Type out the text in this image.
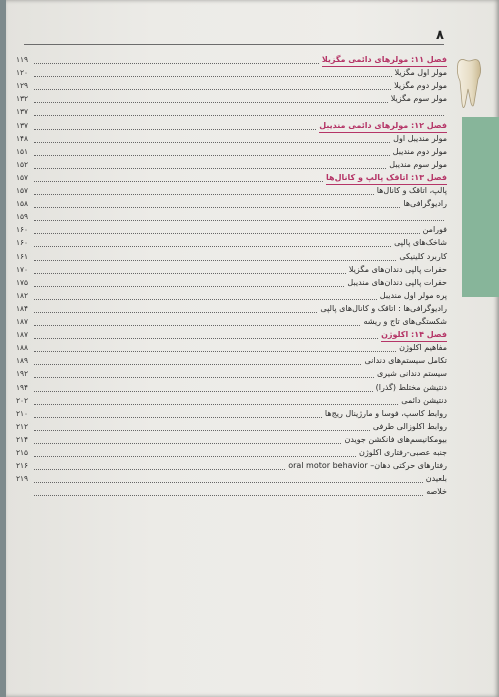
۸
۱۱۹	فصل ۱۱: مولرهای دائمی مگزیلا
۱۲۰	مولر اول مگزیلا
۱۲۹	مولر دوم مگزیلا
۱۳۲	مولر سوم مگزیلا
۱۳۷
۱۳۷	فصل ۱۲: مولرهای دائمی مندیبل
۱۴۸	مولر مندیبل اول
۱۵۱	مولر دوم مندیبل
۱۵۲	مولر سوم مندیبل
۱۵۷	فصل ۱۳: اتاقک پالپ و کانال‌ها
۱۵۷	پالپ، اتاقک و کانال‌ها
۱۵۸	رادیوگرافی‌ها
۱۵۹
۱۶۰	فورامن
۱۶۰	شاخک‌های پالپی
۱۶۱	کاربرد کلینیکی
۱۷۰	حفرات پالپی دندان‌های مگزیلا
۱۷۵	حفرات پالپی دندان‌های مندیبل
۱۸۲	پره مولر اول مندیبل
۱۸۴	رادیوگرافی‌ها : اتاقک و کانال‌های پالپی
۱۸۷	شکستگی‌های تاج و ریشه
۱۸۷	فصل ۱۴: اکلوژن
۱۸۸	مفاهیم اکلوژن
۱۸۹	تکامل سیستم‌های دندانی
۱۹۲	سیستم دندانی شیری
۱۹۴	دنتیشن مختلط (گذرا)
۲۰۲	دنتیشن دائمی
۲۱۰	روابط کاسپ، فوسا و مارژینال ریج‌ها
۲۱۲	روابط اکلوزالی طرفی
۲۱۴	بیومکانیسم‌های فانکشن جویدن
۲۱۵	جنبه عصبی-رفتاری اکلوژن
۲۱۶	رفتارهای حرکتی دهان– oral motor behavior
۲۱۹	بلعیدن
خلاصه
